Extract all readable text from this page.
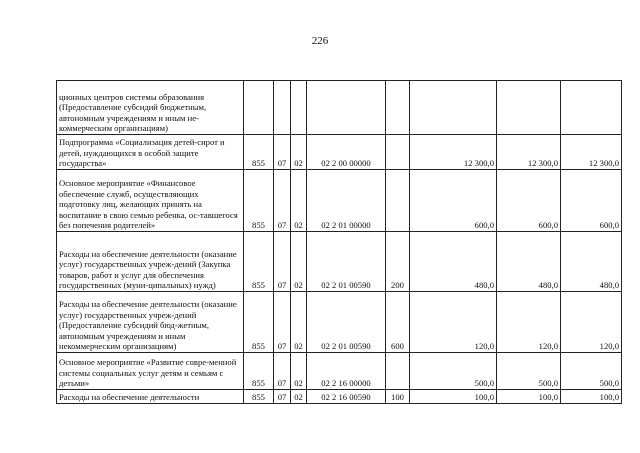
226
ционных центров системы образования (Предоставление субсидий бюджетным, автономным учреждениям и иным не-коммерческим организациям)								
Подпрограмма «Социализация детей-сирот и детей, нуждающихся в особой защите государства»	855	07	02	02 2 00 00000		12 300,0	12 300,0	12 300,0
Основное мероприятие «Финансовое обеспечение служб, осуществляющих подготовку лиц, желающих принять на воспитание в свою семью ребенка, ос-тавшегося без попечения родителей»	855	07	02	02 2 01 00000		600,0	600,0	600,0
Расходы на обеспечение деятельности (оказание услуг) государственных учреж-дений (Закупка товаров, работ и услуг для обеспечения государственных (муни-ципальных) нужд)	855	07	02	02 2 01 00590	200	480,0	480,0	480,0
Расходы на обеспечение деятельности (оказание услуг) государственных учреж-дений (Предоставление субсидий бюд-жетным, автономным учреждениям и иным некоммерческим организациям)	855	07	02	02 2 01 00590	600	120,0	120,0	120,0
Основное мероприятие «Развитие совре-менной системы социальных услуг детям и семьям с детьми»	855	07	02	02 2 16 00000		500,0	500,0	500,0
Расходы на обеспечение деятельности	855	07	02	02 2 16 00590	100	100,0	100,0	100,0
